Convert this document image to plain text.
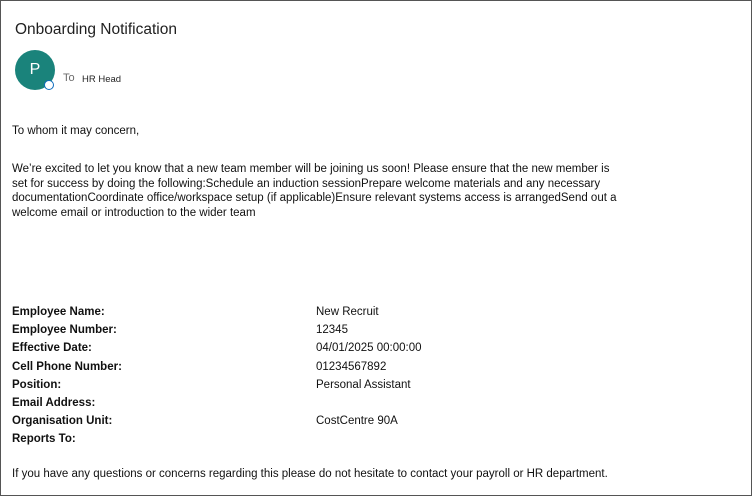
Onboarding Notification
P	To HR Head
To whom it may concern,
We’re excited to let you know that a new team member will be joining us soon! Please ensure that the new member is set for success by doing the following:Schedule an induction sessionPrepare welcome materials and any necessary documentationCoordinate office/workspace setup (if applicable)Ensure relevant systems access is arrangedSend out a welcome email or introduction to the wider team
Employee Name:	New Recruit
Employee Number:	12345
Effective Date:	04/01/2025 00:00:00
Cell Phone Number:	01234567892
Position:	Personal Assistant
Email Address:
Organisation Unit:	CostCentre 90A
Reports To:
If you have any questions or concerns regarding this please do not hesitate to contact your payroll or HR department.
